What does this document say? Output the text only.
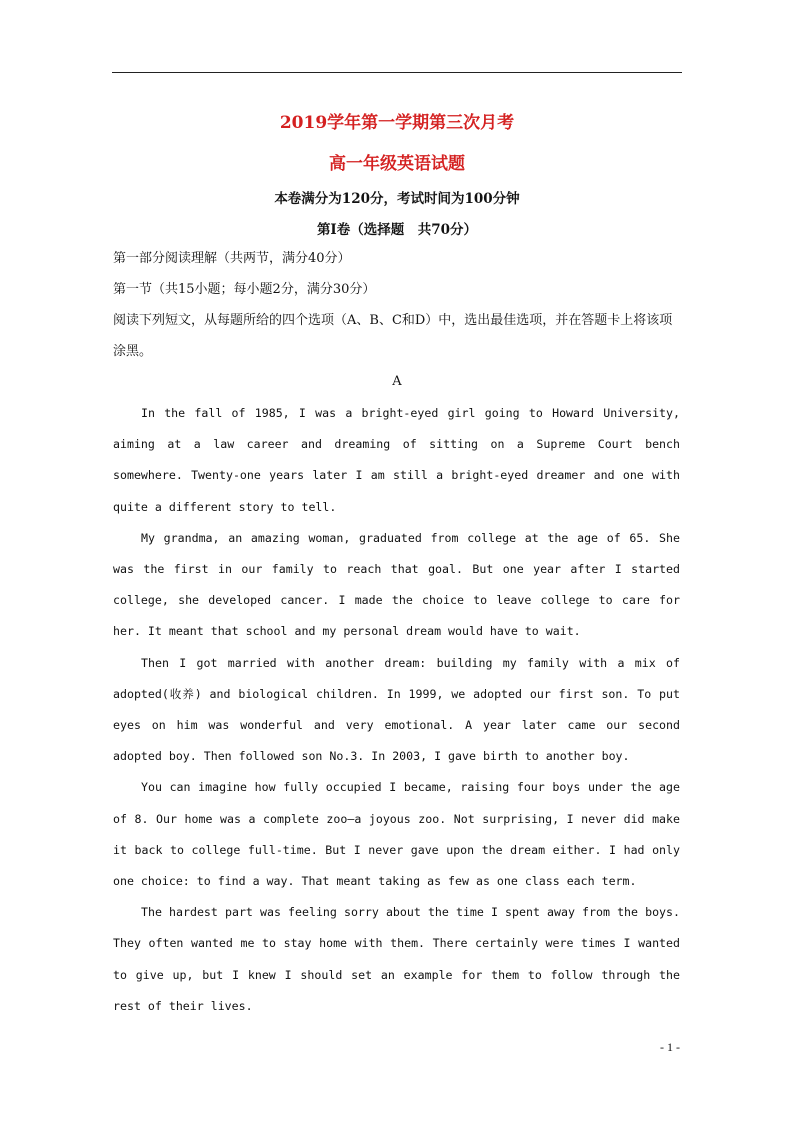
2019学年第一学期第三次月考
高一年级英语试题
本卷满分为120分，考试时间为100分钟
第Ⅰ卷（选择题　共70分）
第一部分阅读理解（共两节，满分40分）
第一节（共15小题；每小题2分，满分30分）
阅读下列短文，从每题所给的四个选项（A、B、C和D）中，选出最佳选项，并在答题卡上将该项涂黑。
A

In the fall of 1985, I was a bright-eyed girl going to Howard University, aiming at a law career and dreaming of sitting on a Supreme Court bench somewhere. Twenty-one years later I am still a bright-eyed dreamer and one with quite a different story to tell.

My grandma, an amazing woman, graduated from college at the age of 65. She was the first in our family to reach that goal. But one year after I started college, she developed cancer. I made the choice to leave college to care for her. It meant that school and my personal dream would have to wait.

Then I got married with another dream: building my family with a mix of adopted(收养) and biological children. In 1999, we adopted our first son. To put eyes on him was wonderful and very emotional. A year later came our second adopted boy. Then followed son No.3. In 2003, I gave birth to another boy.

You can imagine how fully occupied I became, raising four boys under the age of 8. Our home was a complete zoo—a joyous zoo. Not surprising, I never did make it back to college full-time. But I never gave upon the dream either. I had only one choice: to find a way. That meant taking as few as one class each term.

The hardest part was feeling sorry about the time I spent away from the boys. They often wanted me to stay home with them. There certainly were times I wanted to give up, but I knew I should set an example for them to follow through the rest of their lives.

- 1 -
